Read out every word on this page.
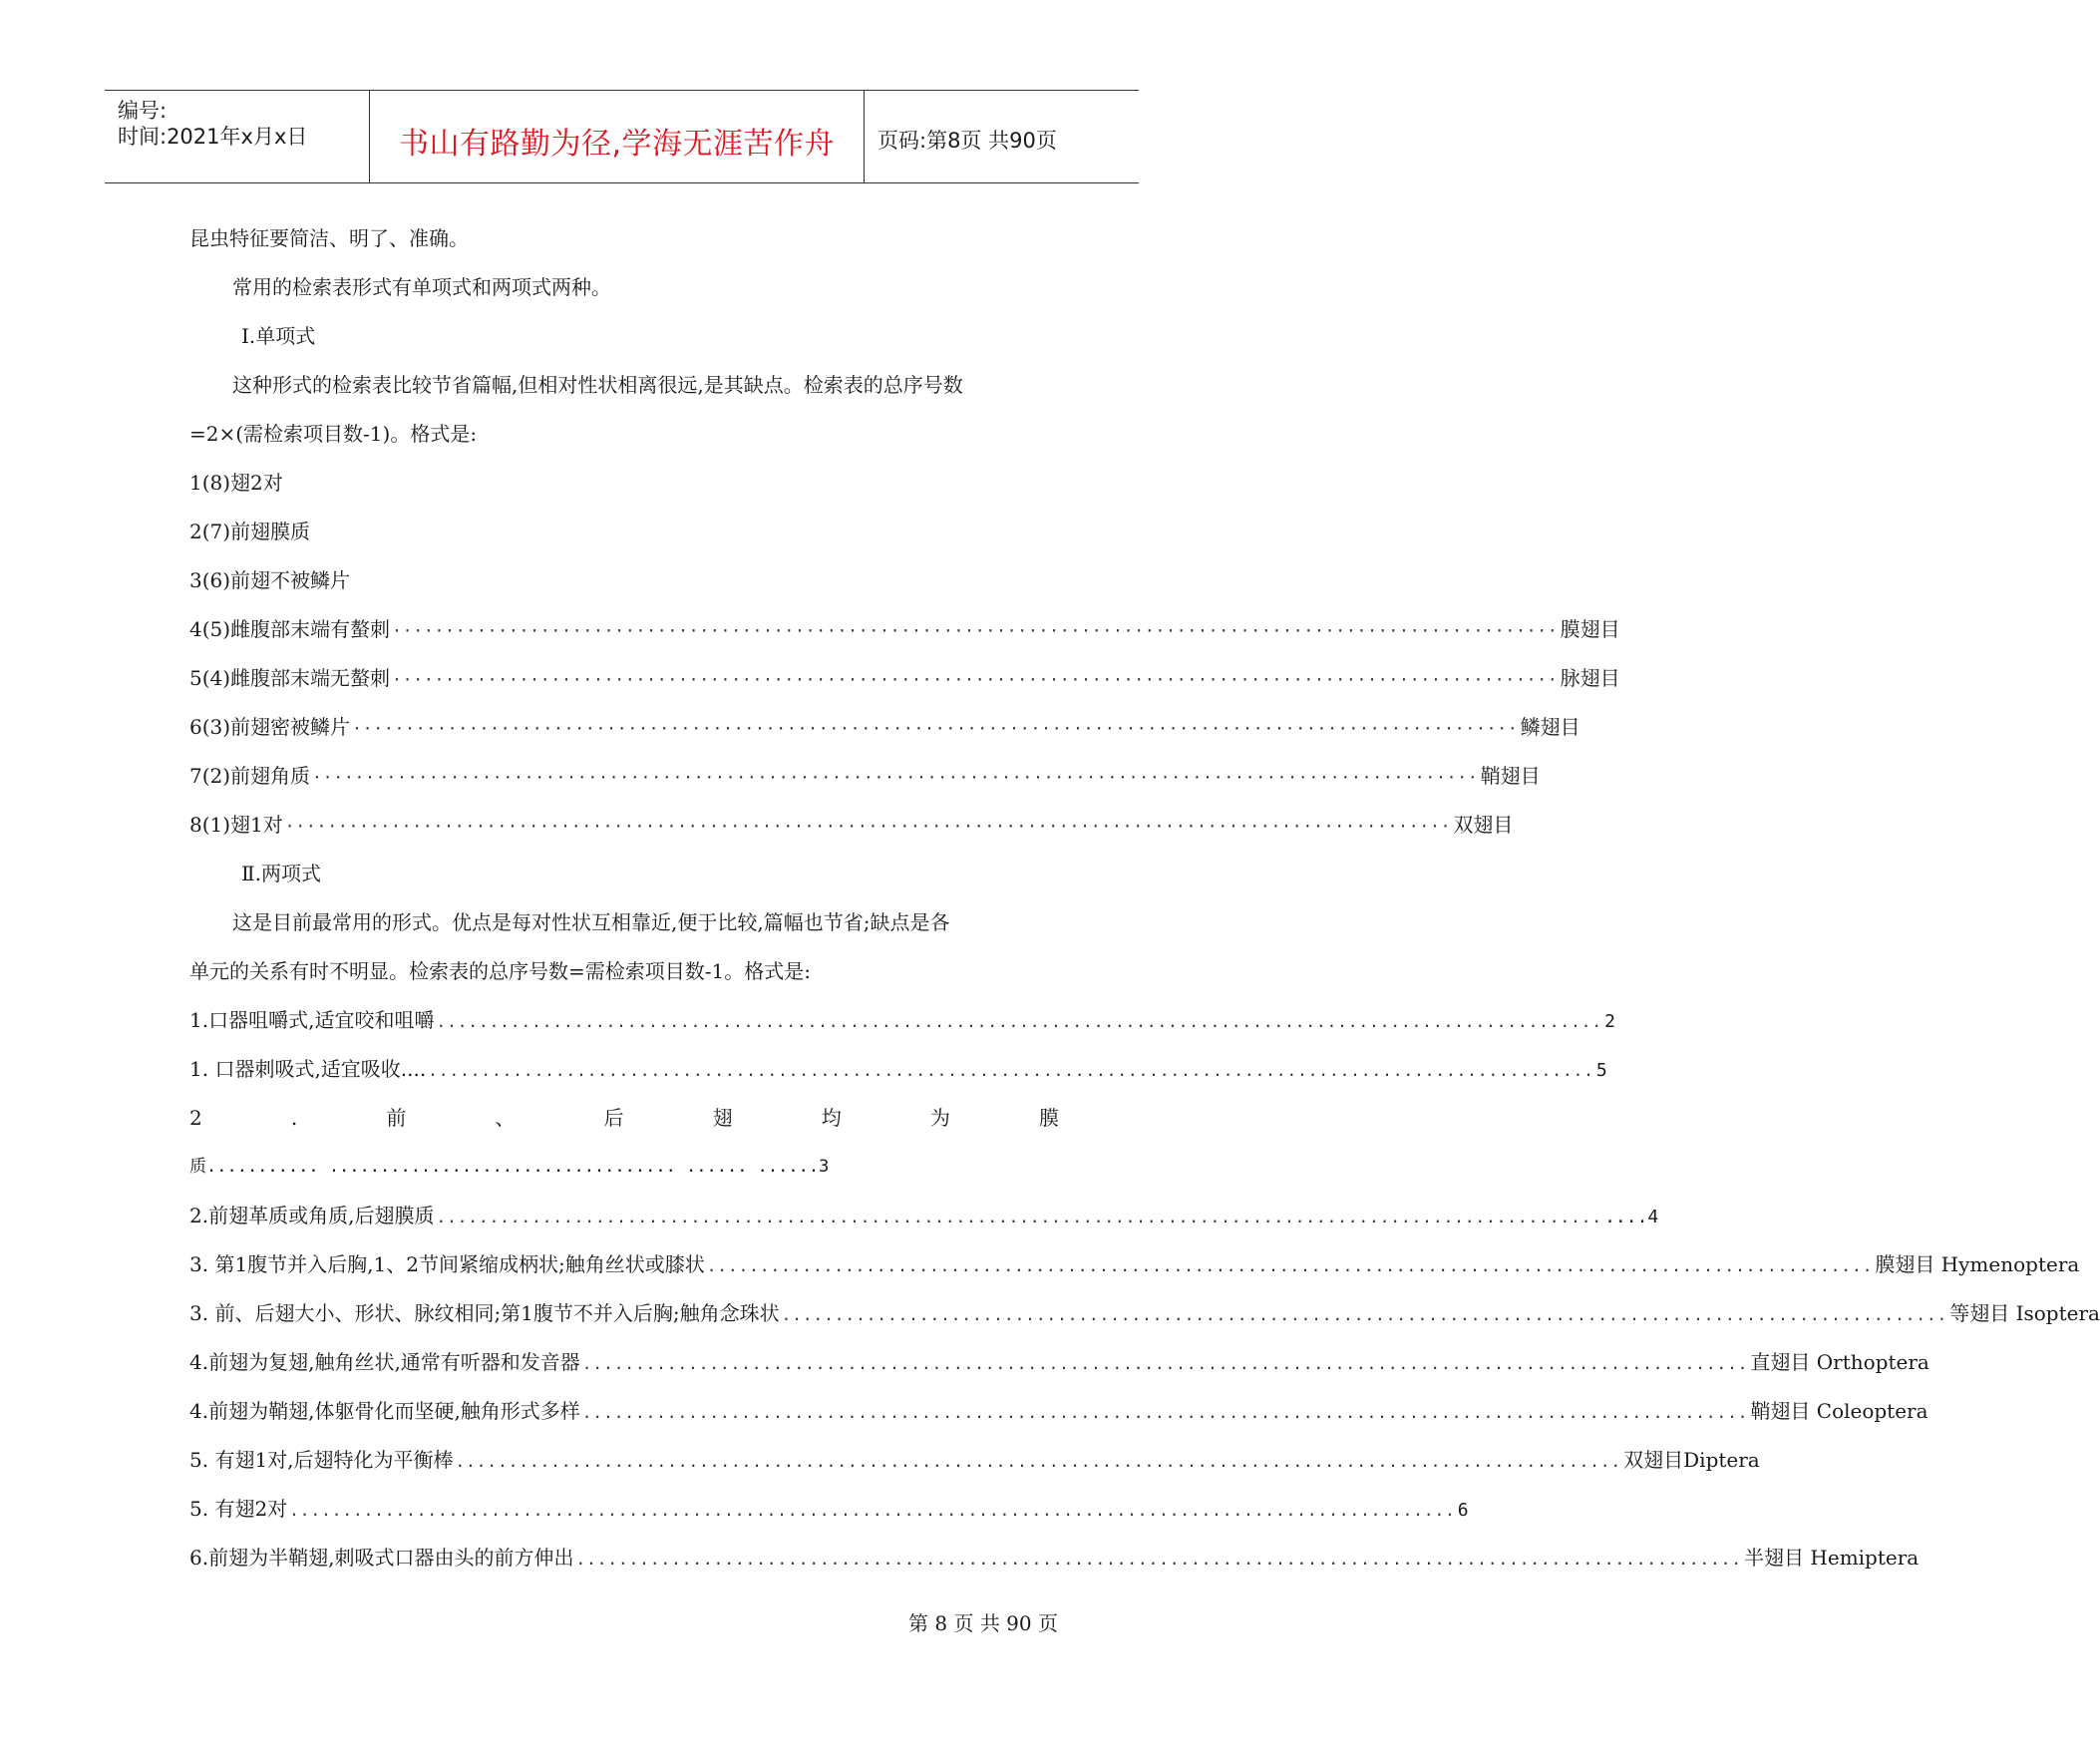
编号:
时间:2021年x月x日	书山有路勤为径,学海无涯苦作舟	页码:第8页 共90页
昆虫特征要简洁、明了、准确。
常用的检索表形式有单项式和两项式两种。
Ⅰ.单项式
这种形式的检索表比较节省篇幅,但相对性状相离很远,是其缺点。检索表的总序号数
=2×(需检索项目数-1)。格式是:
1(8)翅2对
2(7)前翅膜质
3(6)前翅不被鳞片
4(5)雌腹部末端有螯刺 ·············································································································· 膜翅目
5(4)雌腹部末端无螯刺 ·············································································································· 脉翅目
6(3)前翅密被鳞片 ·············································································································· 鳞翅目
7(2)前翅角质 ·············································································································· 鞘翅目
8(1)翅1对 ·············································································································· 双翅目
Ⅱ.两项式
这是目前最常用的形式。优点是每对性状互相靠近,便于比较,篇幅也节省;缺点是各
单元的关系有时不明显。检索表的总序号数=需检索项目数-1。格式是:
1.口器咀嚼式,适宜咬和咀嚼 .............................................................................................................. 2
1. 口器刺吸式,适宜吸收.... .............................................................................................................. 5
2	.	前	、	后	翅	均	为	膜
质........... .................................. ...... ......3
2.前翅革质或角质,后翅膜质 .............................................................................................................. ....4
3. 第1腹节并入后胸,1、2节间紧缩成柄状;触角丝状或膝状 .............................................................................................................. 膜翅目 Hymenoptera
3. 前、后翅大小、形状、脉纹相同;第1腹节不并入后胸;触角念珠状 .............................................................................................................. 等翅目 Isoptera
4.前翅为复翅,触角丝状,通常有听器和发音器 .............................................................................................................. 直翅目 Orthoptera
4.前翅为鞘翅,体躯骨化而坚硬,触角形式多样 .............................................................................................................. 鞘翅目 Coleoptera
5. 有翅1对,后翅特化为平衡棒 .............................................................................................................. 双翅目Diptera
5. 有翅2对 .............................................................................................................. 6
6.前翅为半鞘翅,刺吸式口器由头的前方伸出 .............................................................................................................. 半翅目 Hemiptera
第 8 页 共 90 页
